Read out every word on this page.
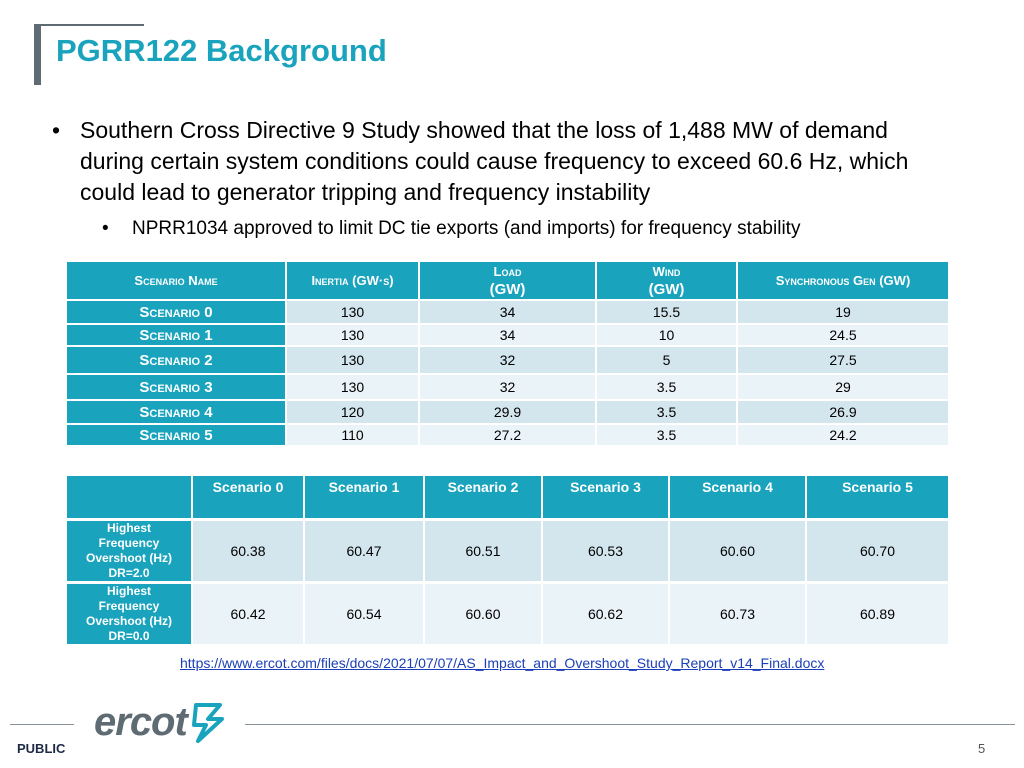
PGRR122 Background
• Southern Cross Directive 9 Study showed that the loss of 1,488 MW of demand during certain system conditions could cause frequency to exceed 60.6 Hz, which could lead to generator tripping and frequency instability
• NPRR1034 approved to limit DC tie exports (and imports) for frequency stability
Scenario Name	Inertia (GW·s)	Load
(GW)	Wind
(GW)	Synchronous Gen (GW)
Scenario 0	130	34	15.5	19
Scenario 1	130	34	10	24.5
Scenario 2	130	32	5	27.5
Scenario 3	130	32	3.5	29
Scenario 4	120	29.9	3.5	26.9
Scenario 5	110	27.2	3.5	24.2
	Scenario 0	Scenario 1	Scenario 2	Scenario 3	Scenario 4	Scenario 5
Highest
Frequency
Overshoot (Hz)
DR=2.0	60.38	60.47	60.51	60.53	60.60	60.70
Highest
Frequency
Overshoot (Hz)
DR=0.0	60.42	60.54	60.60	60.62	60.73	60.89
https://www.ercot.com/files/docs/2021/07/07/AS_Impact_and_Overshoot_Study_Report_v14_Final.docx
ercot
PUBLIC	5
